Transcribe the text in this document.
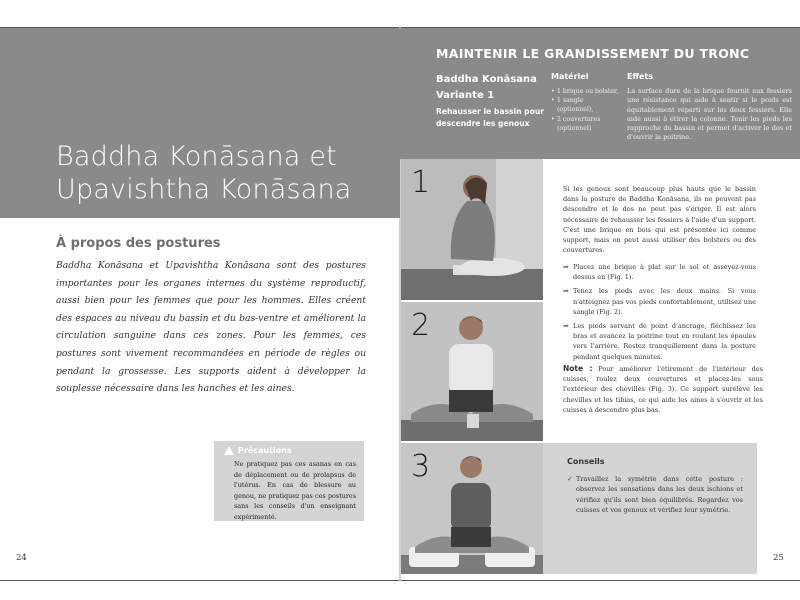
Baddha Konāsana et
Upavishtha Konāsana
À propos des postures

Baddha Konāsana et Upavishtha Konāsana sont des postures importantes pour les organes internes du système reproductif, aussi bien pour les femmes que pour les hommes. Elles créent des espaces au niveau du bassin et du bas-ventre et améliorent la circulation sanguine dans ces zones. Pour les femmes, ces postures sont vivement recommandées en période de règles ou pendant la grossesse. Les supports aident à développer la souplesse nécessaire dans les hanches et les aines.

Précautions

Ne pratiquez pas ces asanas en cas de déplacement ou de prolapsus de l'utérus. En cas de blessure au genou, ne pratiquez pas ces postures sans les conseils d'un enseignant expérimenté.

24
MAINTENIR LE GRANDISSEMENT DU TRONC
Baddha Konāsana
Variante 1
Rehausser le bassin pour descendre les genoux
Matériel
• 1 brique ou bolster,
• 1 sangle (optionnel),
• 2 couvertures (optionnel)
Effets

La surface dure de la brique fournit aux fessiers une résistance qui aide à sentir si le poids est équitablement réparti sur les deux fessiers. Elle aide aussi à étirer la colonne. Tenir les pieds les rapproche du bassin et permet d'activer le dos et d'ouvrir la poitrine.

1
2
3

Si les genoux sont beaucoup plus hauts que le bassin dans la posture de Baddha Konāsana, ils ne peuvent pas descendre et le dos ne peut pas s'ériger. Il est alors nécessaire de rehausser les fessiers à l'aide d'un support. C'est une brique en bois qui est présentée ici comme support, mais on peut aussi utiliser des bolsters ou des couvertures.

➡ Placez une brique à plat sur le sol et asseyez-vous dessus en (Fig. 1).
➡ Tenez les pieds avec les deux mains. Si vous n'atteignez pas vos pieds confortablement, utilisez une sangle (Fig. 2).
➡ Les pieds servant de point d'ancrage, fléchissez les bras et avancez la poitrine tout en roulant les épaules vers l'arrière. Restez tranquillement dans la posture pendant quelques minutes.

Note : Pour améliorer l'étirement de l'intérieur des cuisses, roulez deux couvertures et placez-les sous l'extérieur des chevilles (Fig. 3). Ce support surélève les chevilles et les tibias, ce qui aide les aines à s'ouvrir et les cuisses à descendre plus bas.

Conseils

✓ Travaillez la symétrie dans cette posture : observez les sensations dans les deux ischions et vérifiez qu'ils sont bien équilibrés. Regardez vos cuisses et vos genoux et vérifiez leur symétrie.

25
